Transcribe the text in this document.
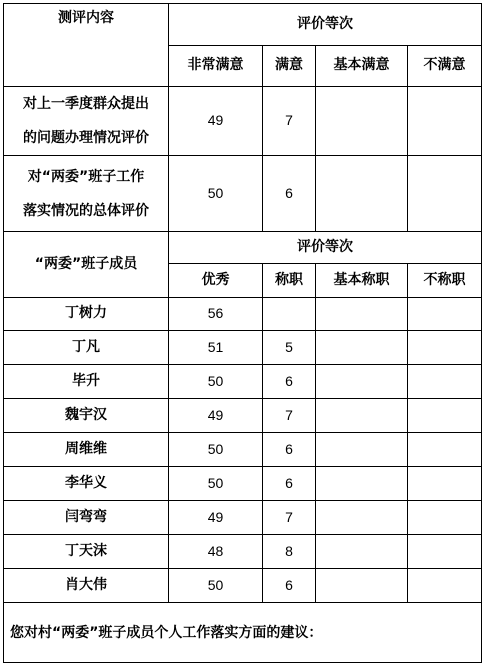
测评内容	评价等次			
	非常满意	满意	基本满意	不满意

对上一季度群众提出
的问题办理情况评价	49	7		

对“两委”班子工作
落实情况的总体评价	50	6		
“两委”班子成员	评价等次			
	优秀	称职	基本称职	不称职
丁树力	56			
丁凡	51	5		
毕升	50	6		
魏宇汉	49	7		
周维维	50	6		
李华义	50	6		
闫弯弯	49	7		
丁天沫	48	8		
肖大伟	50	6		
您对村“两委”班子成员个人工作落实方面的建议：				
